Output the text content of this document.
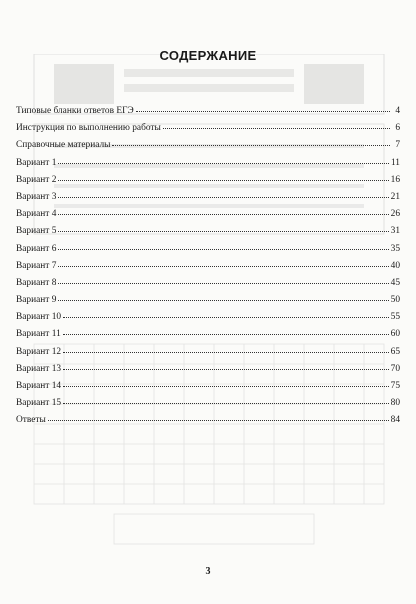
СОДЕРЖАНИЕ
Типовые бланки ответов ЕГЭ	4
Инструкция по выполнению работы	6
Справочные материалы	7
Вариант 1	11
Вариант 2	16
Вариант 3	21
Вариант 4	26
Вариант 5	31
Вариант 6	35
Вариант 7	40
Вариант 8	45
Вариант 9	50
Вариант 10	55
Вариант 11	60
Вариант 12	65
Вариант 13	70
Вариант 14	75
Вариант 15	80
Ответы	84
3
